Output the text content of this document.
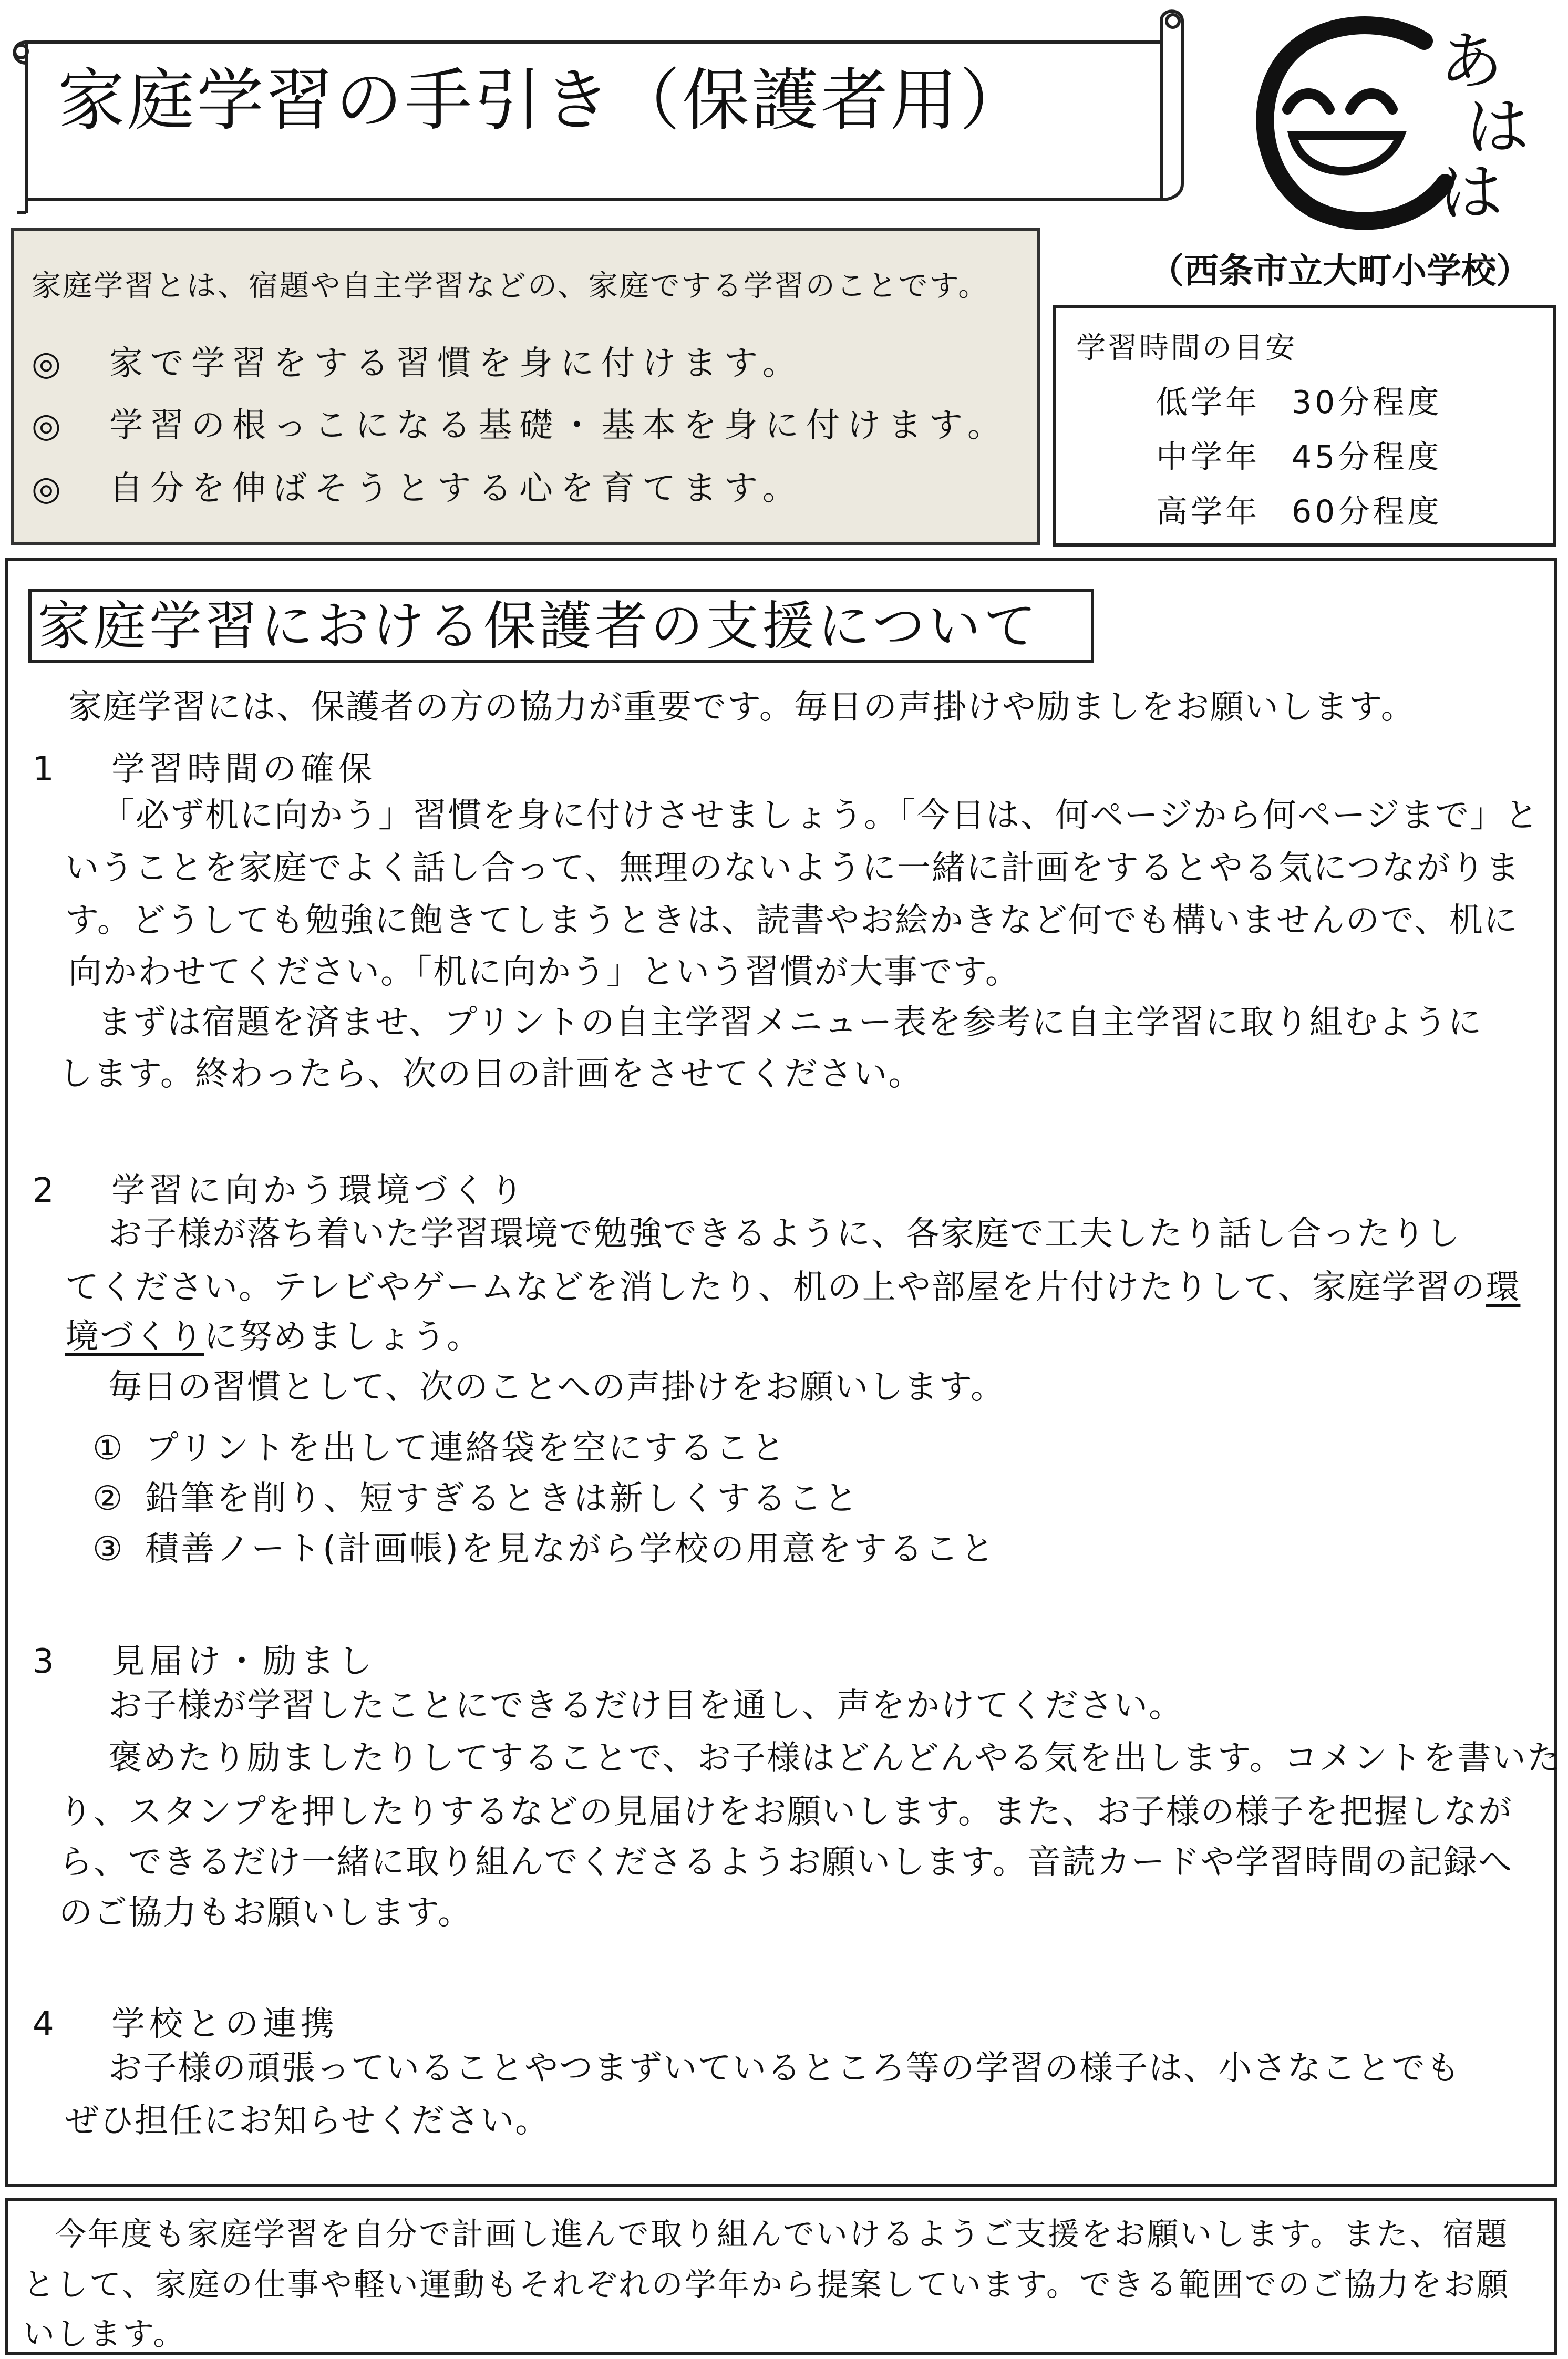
家庭学習の手引き（保護者用）	あ
は
は
（西条市立大町小学校）
家庭学習とは、宿題や自主学習などの、家庭でする学習のことです。
◎ 家で学習をする習慣を身に付けます。
◎ 学習の根っこになる基礎・基本を身に付けます。
◎ 自分を伸ばそうとする心を育てます。
学習時間の目安
低学年 30分程度
中学年 45分程度
高学年 60分程度
家庭学習における保護者の支援について
家庭学習には、保護者の方の協力が重要です。毎日の声掛けや励ましをお願いします。
1 学習時間の確保
「必ず机に向かう」習慣を身に付けさせましょう。「今日は、何ページから何ページまで」と
いうことを家庭でよく話し合って、無理のないように一緒に計画をするとやる気につながりま
す。どうしても勉強に飽きてしまうときは、読書やお絵かきなど何でも構いませんので、机に
向かわせてください。「机に向かう」という習慣が大事です。
まずは宿題を済ませ、プリントの自主学習メニュー表を参考に自主学習に取り組むように
します。終わったら、次の日の計画をさせてください。
2 学習に向かう環境づくり
お子様が落ち着いた学習環境で勉強できるように、各家庭で工夫したり話し合ったりし
てください。テレビやゲームなどを消したり、机の上や部屋を片付けたりして、家庭学習の環
境づくりに努めましょう。
毎日の習慣として、次のことへの声掛けをお願いします。
① プリントを出して連絡袋を空にすること
② 鉛筆を削り、短すぎるときは新しくすること
③ 積善ノート(計画帳)を見ながら学校の用意をすること
3 見届け・励まし
お子様が学習したことにできるだけ目を通し、声をかけてください。
褒めたり励ましたりしてすることで、お子様はどんどんやる気を出します。コメントを書いた
り、スタンプを押したりするなどの見届けをお願いします。また、お子様の様子を把握しなが
ら、できるだけ一緒に取り組んでくださるようお願いします。音読カードや学習時間の記録へ
のご協力もお願いします。
4 学校との連携
お子様の頑張っていることやつまずいているところ等の学習の様子は、小さなことでも
ぜひ担任にお知らせください。
今年度も家庭学習を自分で計画し進んで取り組んでいけるようご支援をお願いします。また、宿題
として、家庭の仕事や軽い運動もそれぞれの学年から提案しています。できる範囲でのご協力をお願
いします。
